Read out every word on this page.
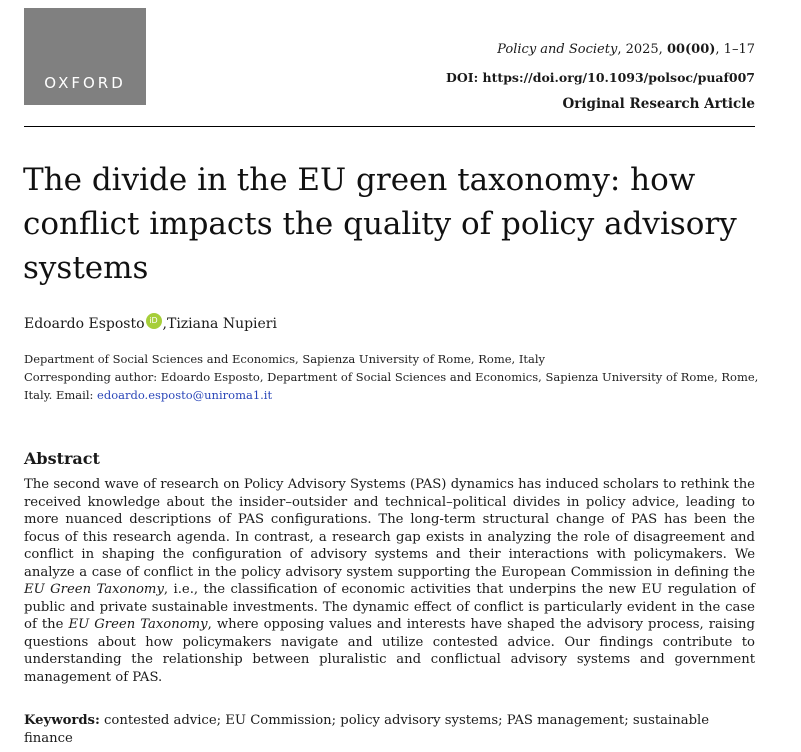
OXFORD
Policy and Society, 2025, 00(00), 1–17
DOI: https://doi.org/10.1093/polsoc/puaf007
Original Research Article
The divide in the EU green taxonomy: how conflict impacts the quality of policy advisory systems
Edoardo Esposto iD ,Tiziana Nupieri
Department of Social Sciences and Economics, Sapienza University of Rome, Rome, Italy
Corresponding author: Edoardo Esposto, Department of Social Sciences and Economics, Sapienza University of Rome, Rome, Italy. Email: edoardo.esposto@uniroma1.it
Abstract

The second wave of research on Policy Advisory Systems (PAS) dynamics has induced scholars to rethink the received knowledge about the insider–outsider and technical–political divides in policy advice, leading to more nuanced descriptions of PAS configurations. The long-term structural change of PAS has been the focus of this research agenda. In contrast, a research gap exists in analyzing the role of disagreement and conflict in shaping the configuration of advisory systems and their interactions with policymakers. We analyze a case of conflict in the policy advisory system supporting the European Commission in defining the EU Green Taxonomy, i.e., the classification of economic activities that underpins the new EU regulation of public and private sustainable investments. The dynamic effect of conflict is particularly evident in the case of the EU Green Taxonomy, where opposing values and interests have shaped the advisory process, raising questions about how policymakers navigate and utilize contested advice. Our findings contribute to understanding the relationship between pluralistic and conflictual advisory systems and government management of PAS.

Keywords: contested advice; EU Commission; policy advisory systems; PAS management; sustainable finance
